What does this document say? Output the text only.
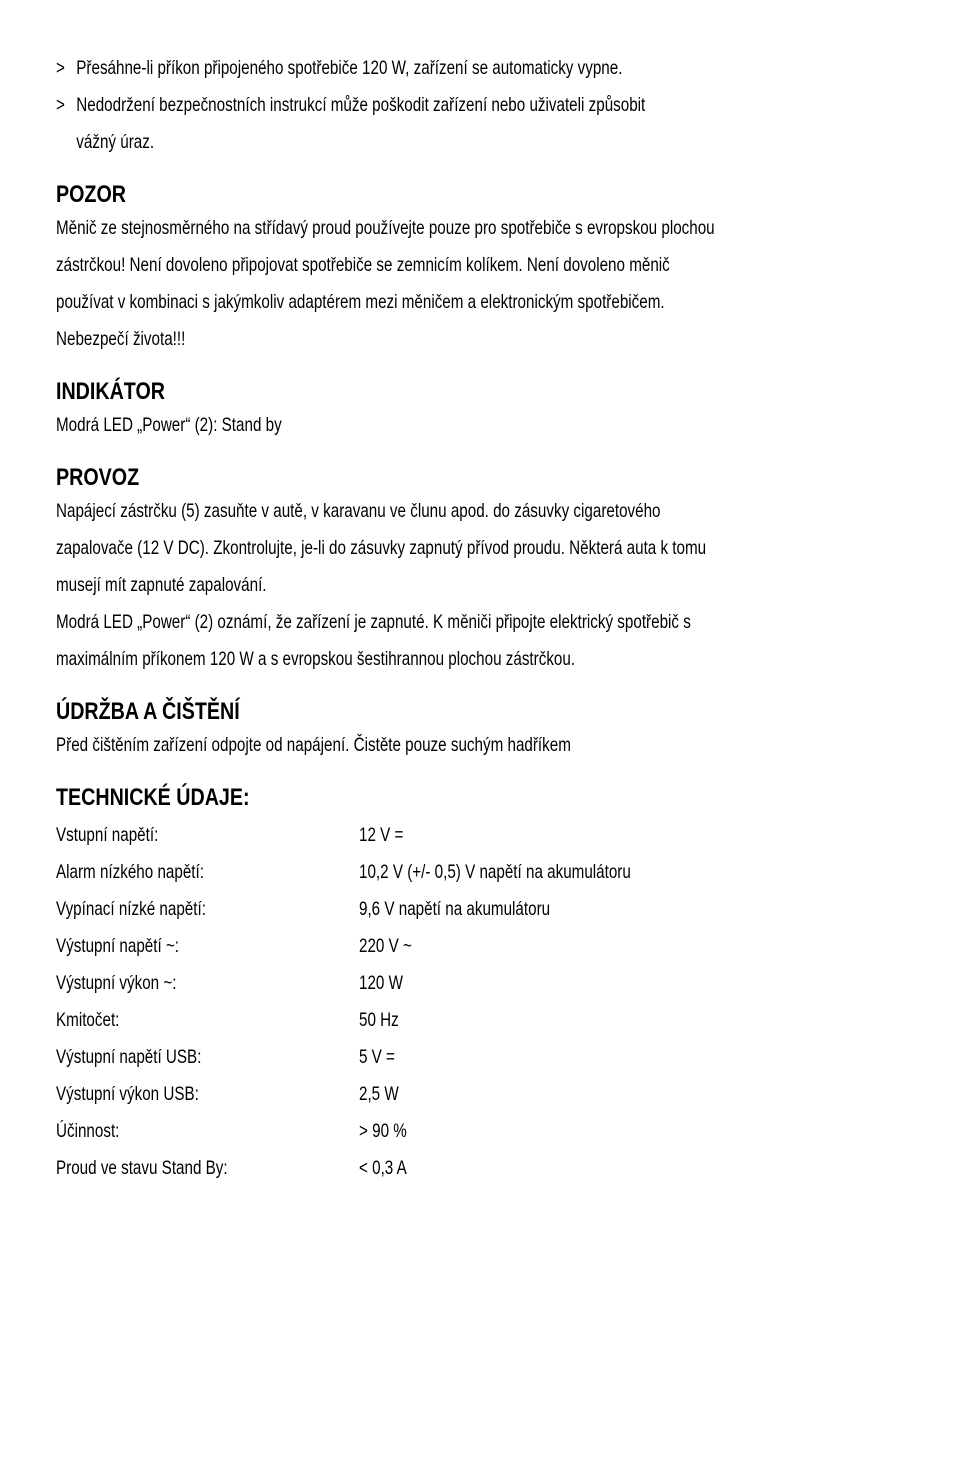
> Přesáhne-li příkon připojeného spotřebiče 120 W, zařízení se automaticky vypne.
> Nedodržení bezpečnostních instrukcí může poškodit zařízení nebo uživateli způsobit
vážný úraz.
POZOR
Měnič ze stejnosměrného na střídavý proud používejte pouze pro spotřebiče s evropskou plochou
zástrčkou! Není dovoleno připojovat spotřebiče se zemnicím kolíkem. Není dovoleno měnič
používat v kombinaci s jakýmkoliv adaptérem mezi měničem a elektronickým spotřebičem.
Nebezpečí života!!!
INDIKÁTOR
Modrá LED „Power“ (2): Stand by
PROVOZ
Napájecí zástrčku (5) zasuňte v autě, v karavanu ve člunu apod. do zásuvky cigaretového
zapalovače (12 V DC). Zkontrolujte, je-li do zásuvky zapnutý přívod proudu. Některá auta k tomu
musejí mít zapnuté zapalování.
Modrá LED „Power“ (2) oznámí, že zařízení je zapnuté. K měniči připojte elektrický spotřebič s
maximálním příkonem 120 W a s evropskou šestihrannou plochou zástrčkou.
ÚDRŽBA A ČIŠTĚNÍ
Před čištěním zařízení odpojte od napájení. Čistěte pouze suchým hadříkem
TECHNICKÉ ÚDAJE:
Vstupní napětí:	12 V =
Alarm nízkého napětí:	10,2 V (+/- 0,5) V napětí na akumulátoru
Vypínací nízké napětí:	9,6 V napětí na akumulátoru
Výstupní napětí ~:	220 V ~
Výstupní výkon ~:	120 W
Kmitočet:	50 Hz
Výstupní napětí USB:	5 V =
Výstupní výkon USB:	2,5 W
Účinnost:	> 90 %
Proud ve stavu Stand By:	< 0,3 A
